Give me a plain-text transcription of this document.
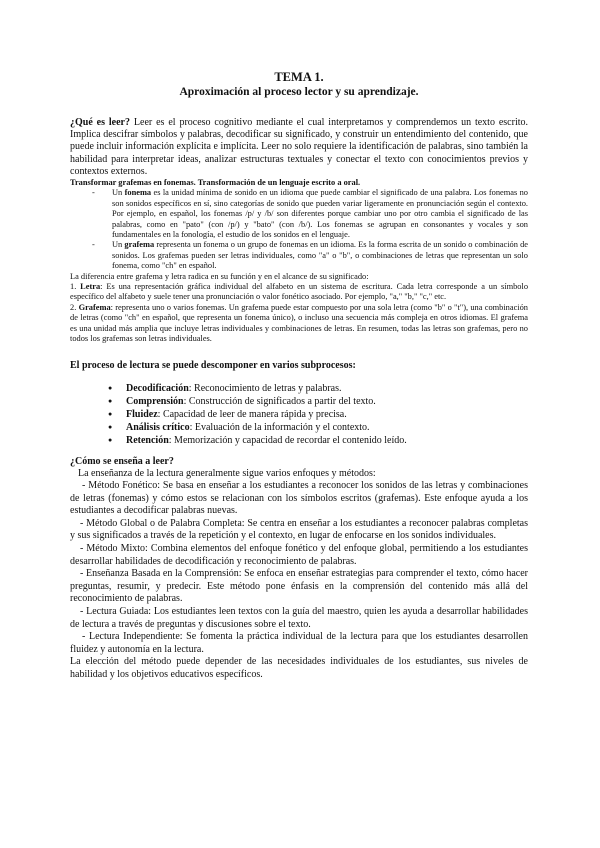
TEMA 1.
Aproximación al proceso lector y su aprendizaje.

¿Qué es leer? Leer es el proceso cognitivo mediante el cual interpretamos y comprendemos un texto escrito. Implica descifrar símbolos y palabras, decodificar su significado, y construir un entendimiento del contenido, que puede incluir información explícita e implícita. Leer no solo requiere la identificación de palabras, sino también la habilidad para interpretar ideas, analizar estructuras textuales y conectar el texto con conocimientos previos y contextos externos.

Transformar grafemas en fonemas. Transformación de un lenguaje escrito a oral.

- Un fonema es la unidad mínima de sonido en un idioma que puede cambiar el significado de una palabra. Los fonemas no son sonidos específicos en sí, sino categorías de sonido que pueden variar ligeramente en pronunciación según el contexto. Por ejemplo, en español, los fonemas /p/ y /b/ son diferentes porque cambiar uno por otro cambia el significado de las palabras, como en "pato" (con /p/) y "bato" (con /b/). Los fonemas se agrupan en consonantes y vocales y son fundamentales en la fonología, el estudio de los sonidos en el lenguaje.
- Un grafema representa un fonema o un grupo de fonemas en un idioma. Es la forma escrita de un sonido o combinación de sonidos. Los grafemas pueden ser letras individuales, como "a" o "b", o combinaciones de letras que representan un solo fonema, como "ch" en español.

La diferencia entre grafema y letra radica en su función y en el alcance de su significado:

1. Letra: Es una representación gráfica individual del alfabeto en un sistema de escritura. Cada letra corresponde a un símbolo específico del alfabeto y suele tener una pronunciación o valor fonético asociado. Por ejemplo, "a," "b," "c," etc.

2. Grafema: representa uno o varios fonemas. Un grafema puede estar compuesto por una sola letra (como "b" o "t"), una combinación de letras (como "ch" en español, que representa un fonema único), o incluso una secuencia más compleja en otros idiomas. El grafema es una unidad más amplia que incluye letras individuales y combinaciones de letras. En resumen, todas las letras son grafemas, pero no todos los grafemas son letras individuales.

El proceso de lectura se puede descomponer en varios subprocesos:

● Decodificación: Reconocimiento de letras y palabras.
● Comprensión: Construcción de significados a partir del texto.
● Fluidez: Capacidad de leer de manera rápida y precisa.
● Análisis crítico: Evaluación de la información y el contexto.
● Retención: Memorización y capacidad de recordar el contenido leído.

¿Cómo se enseña a leer?

La enseñanza de la lectura generalmente sigue varios enfoques y métodos:

- Método Fonético: Se basa en enseñar a los estudiantes a reconocer los sonidos de las letras y combinaciones de letras (fonemas) y cómo estos se relacionan con los símbolos escritos (grafemas). Este enfoque ayuda a los estudiantes a decodificar palabras nuevas.

- Método Global o de Palabra Completa: Se centra en enseñar a los estudiantes a reconocer palabras completas y sus significados a través de la repetición y el contexto, en lugar de enfocarse en los sonidos individuales.

- Método Mixto: Combina elementos del enfoque fonético y del enfoque global, permitiendo a los estudiantes desarrollar habilidades de decodificación y reconocimiento de palabras.

- Enseñanza Basada en la Comprensión: Se enfoca en enseñar estrategias para comprender el texto, cómo hacer preguntas, resumir, y predecir. Este método pone énfasis en la comprensión del contenido más allá del reconocimiento de palabras.

- Lectura Guiada: Los estudiantes leen textos con la guía del maestro, quien les ayuda a desarrollar habilidades de lectura a través de preguntas y discusiones sobre el texto.

- Lectura Independiente: Se fomenta la práctica individual de la lectura para que los estudiantes desarrollen fluidez y autonomía en la lectura.

La elección del método puede depender de las necesidades individuales de los estudiantes, sus niveles de habilidad y los objetivos educativos específicos.
